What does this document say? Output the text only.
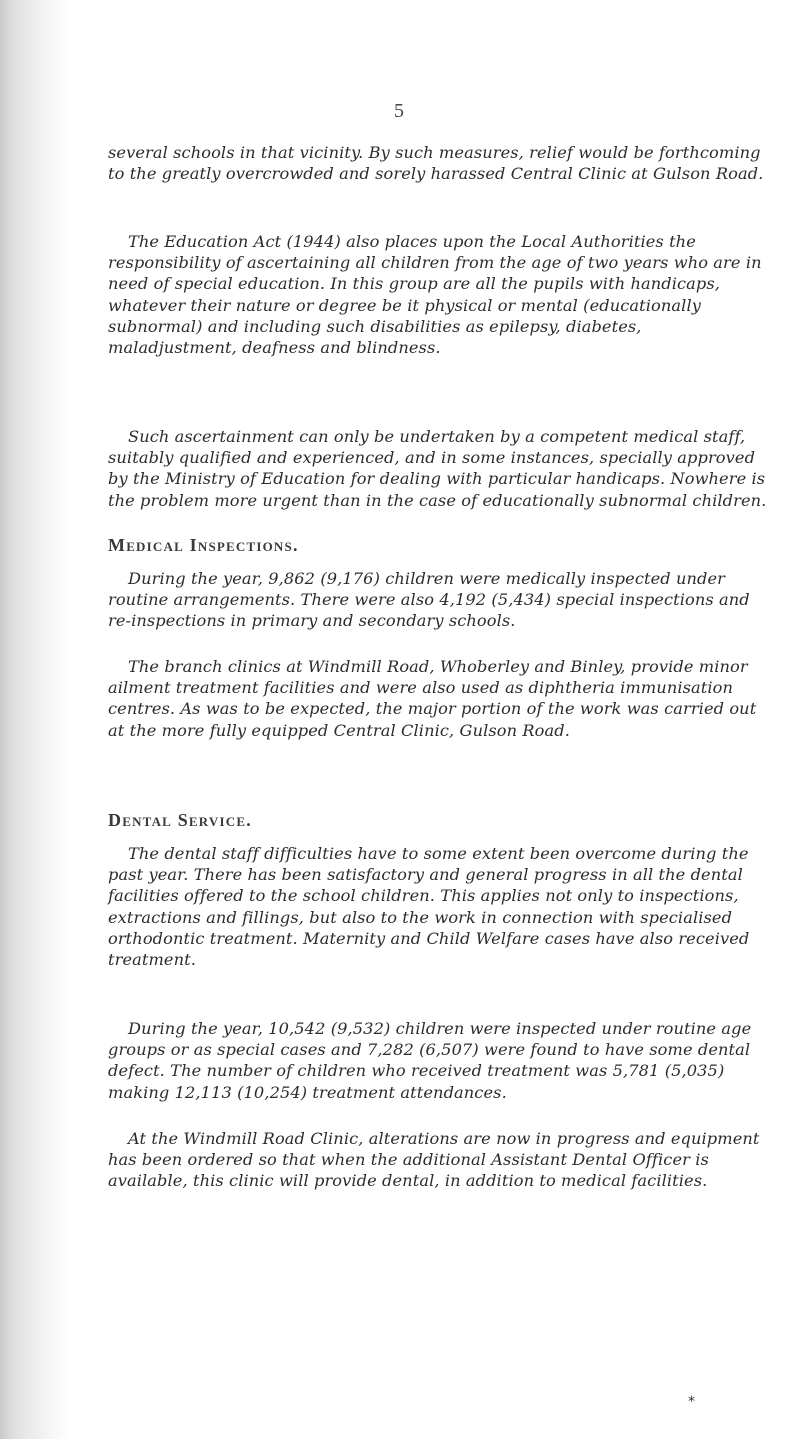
5

several schools in that vicinity. By such measures, relief would be forthcoming to the greatly overcrowded and sorely harassed Central Clinic at Gulson Road.

The Education Act (1944) also places upon the Local Authorities the responsibility of ascertaining all children from the age of two years who are in need of special education. In this group are all the pupils with handicaps, whatever their nature or degree be it physical or mental (educationally subnormal) and including such disabilities as epilepsy, diabetes, maladjustment, deafness and blindness.

Such ascertainment can only be undertaken by a competent medical staff, suitably qualified and experienced, and in some instances, specially approved by the Ministry of Education for dealing with particular handicaps. Nowhere is the problem more urgent than in the case of educationally subnormal children.

Medical Inspections.

During the year, 9,862 (9,176) children were medically inspected under routine arrangements. There were also 4,192 (5,434) special inspections and re-inspections in primary and secondary schools.

The branch clinics at Windmill Road, Whoberley and Binley, provide minor ailment treatment facilities and were also used as diphtheria immunisation centres. As was to be expected, the major portion of the work was carried out at the more fully equipped Central Clinic, Gulson Road.

Dental Service.

The dental staff difficulties have to some extent been overcome during the past year. There has been satisfactory and general progress in all the dental facilities offered to the school children. This applies not only to inspections, extractions and fillings, but also to the work in connection with specialised orthodontic treatment. Maternity and Child Welfare cases have also received treatment.

During the year, 10,542 (9,532) children were inspected under routine age groups or as special cases and 7,282 (6,507) were found to have some dental defect. The number of children who received treatment was 5,781 (5,035) making 12,113 (10,254) treatment attendances.

At the Windmill Road Clinic, alterations are now in progress and equipment has been ordered so that when the additional Assistant Dental Officer is available, this clinic will provide dental, in addition to medical facilities.

*
